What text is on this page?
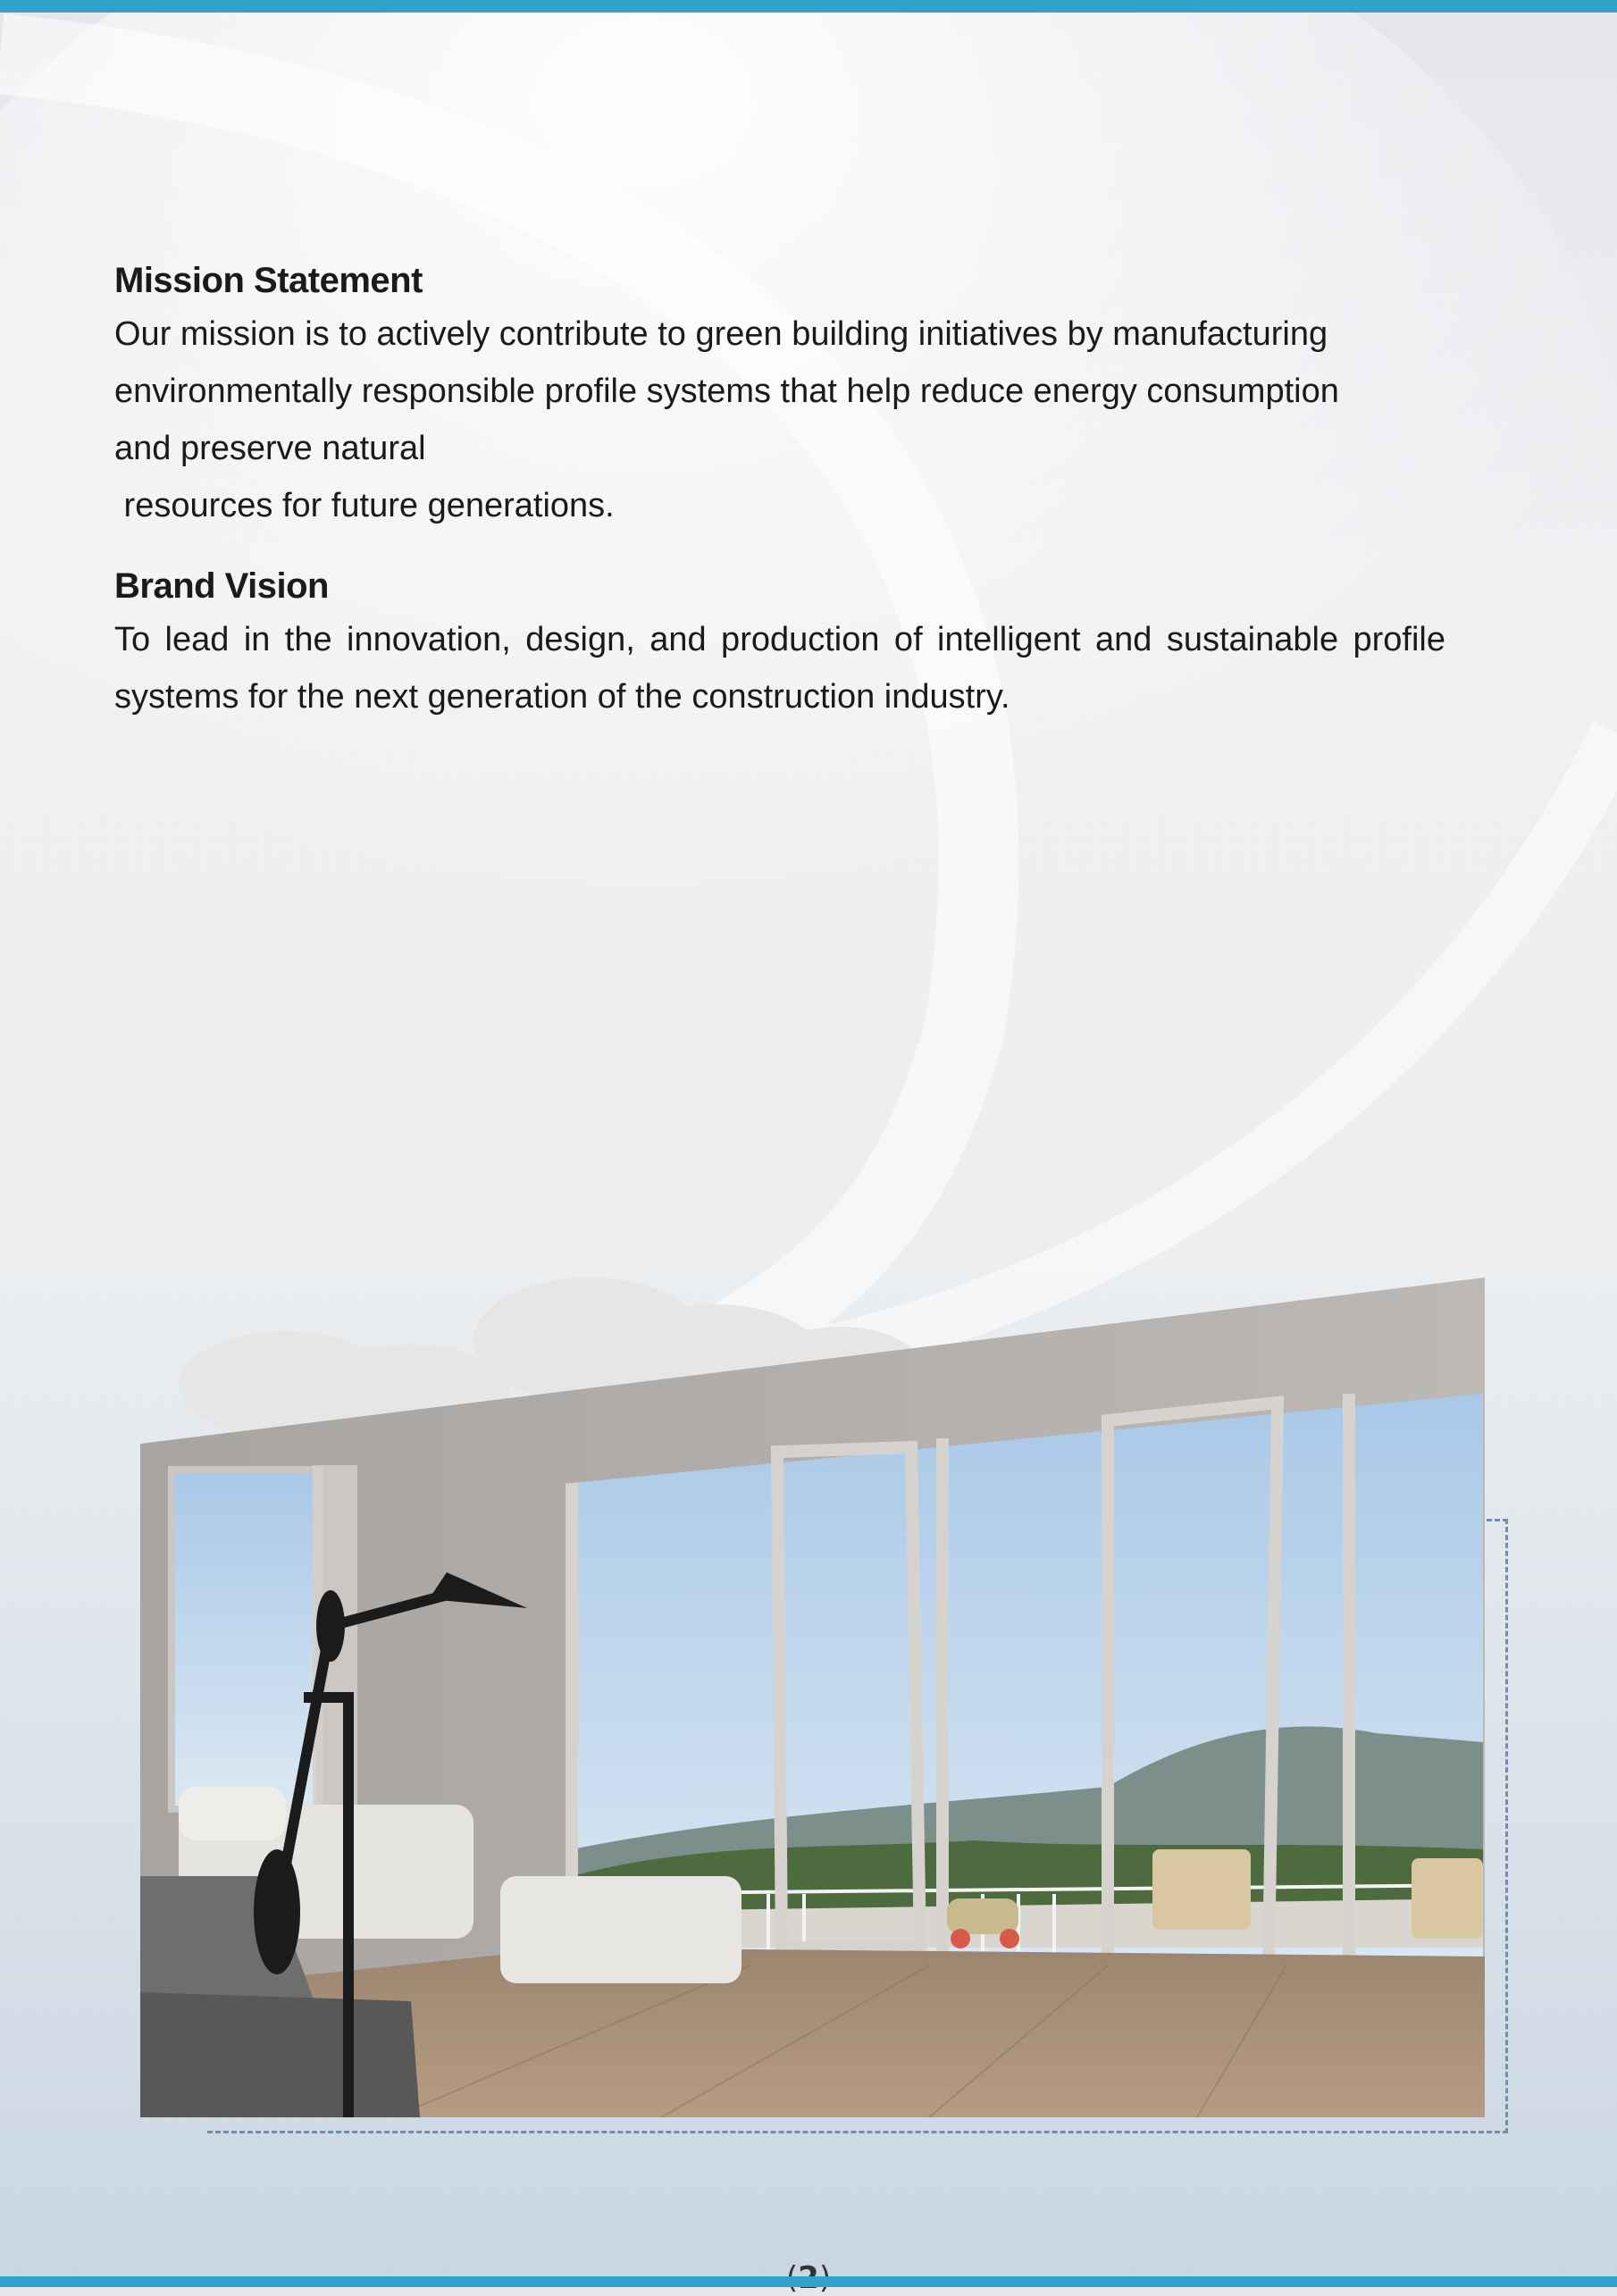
Mission Statement

Our mission is to actively contribute to green building initiatives by manufacturing

environmentally responsible profile systems that help reduce energy consumption

and preserve natural

resources for future generations.

Brand Vision

To lead in the innovation, design, and production of intelligent and sustainable profile systems for the next generation of the construction industry.
